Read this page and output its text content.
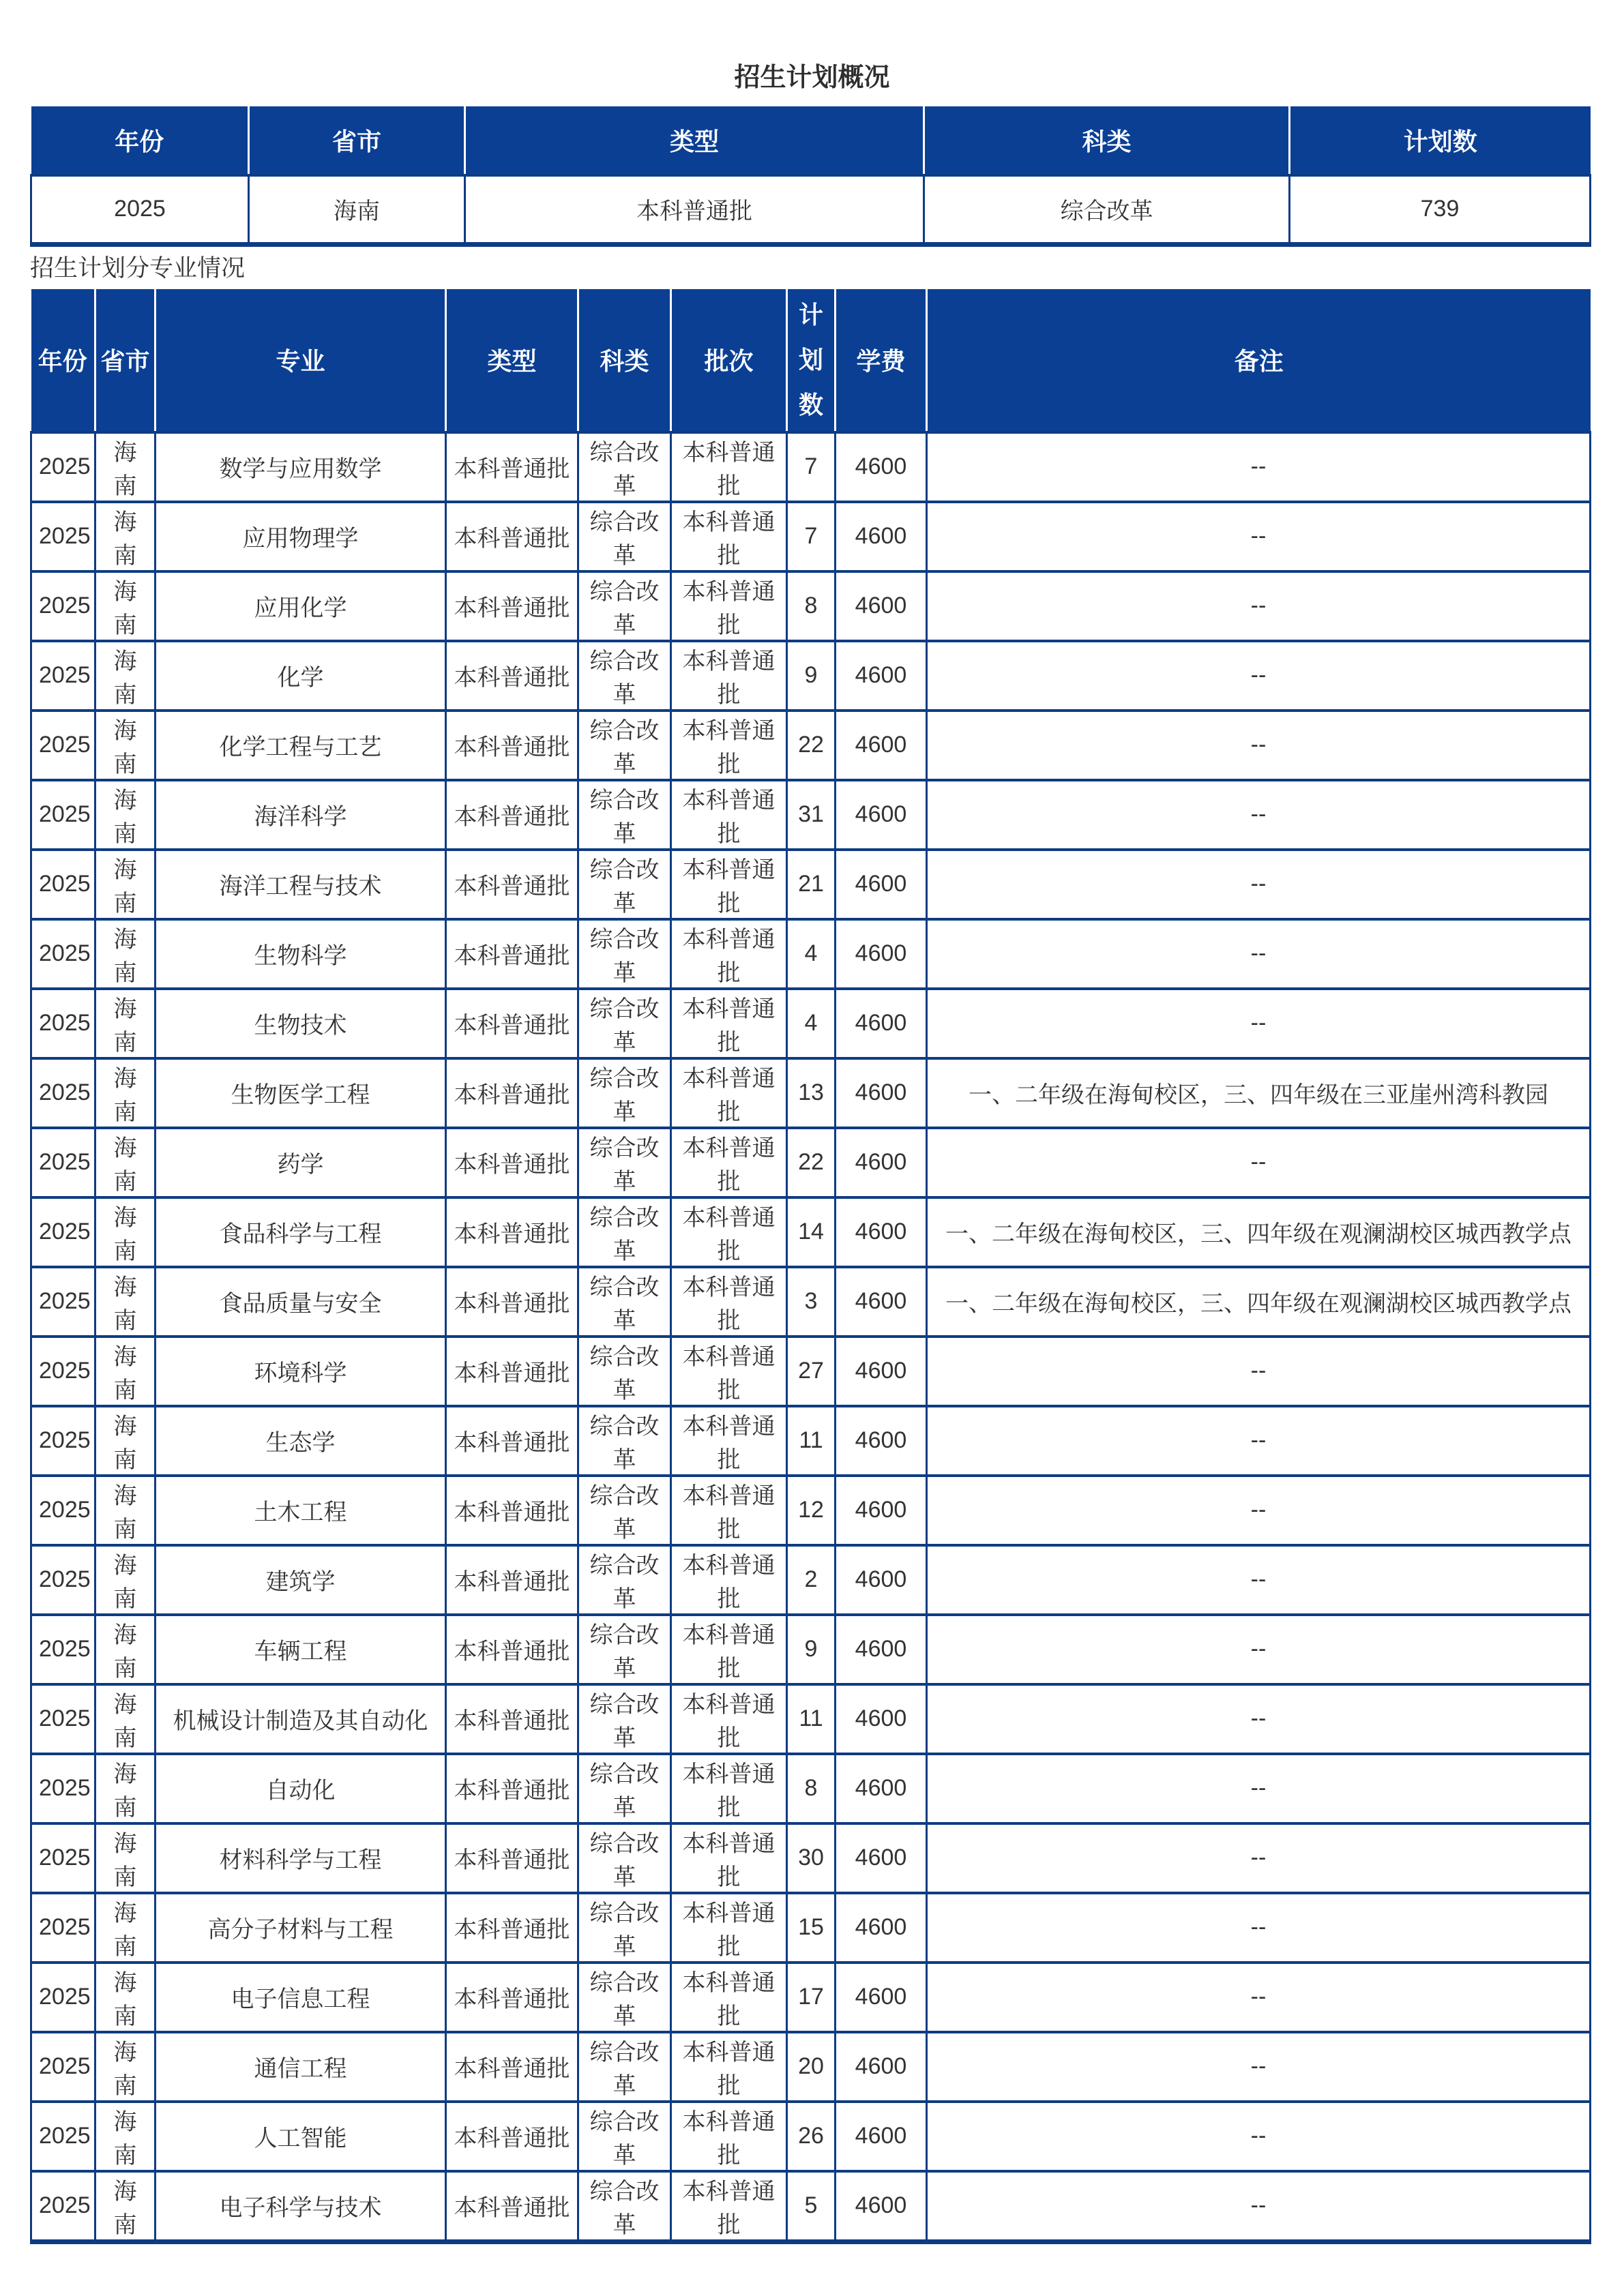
招生计划概况
年份	省市	类型	科类	计划数
2025	海南	本科普通批	综合改革	739
招生计划分专业情况
年份	省市	专业	类型	科类	批次	计划数	学费	备注
2025	海南	数学与应用数学	本科普通批	综合改革	本科普通批	7	4600	--
2025	海南	应用物理学	本科普通批	综合改革	本科普通批	7	4600	--
2025	海南	应用化学	本科普通批	综合改革	本科普通批	8	4600	--
2025	海南	化学	本科普通批	综合改革	本科普通批	9	4600	--
2025	海南	化学工程与工艺	本科普通批	综合改革	本科普通批	22	4600	--
2025	海南	海洋科学	本科普通批	综合改革	本科普通批	31	4600	--
2025	海南	海洋工程与技术	本科普通批	综合改革	本科普通批	21	4600	--
2025	海南	生物科学	本科普通批	综合改革	本科普通批	4	4600	--
2025	海南	生物技术	本科普通批	综合改革	本科普通批	4	4600	--
2025	海南	生物医学工程	本科普通批	综合改革	本科普通批	13	4600	一、二年级在海甸校区，三、四年级在三亚崖州湾科教园
2025	海南	药学	本科普通批	综合改革	本科普通批	22	4600	--
2025	海南	食品科学与工程	本科普通批	综合改革	本科普通批	14	4600	一、二年级在海甸校区，三、四年级在观澜湖校区城西教学点
2025	海南	食品质量与安全	本科普通批	综合改革	本科普通批	3	4600	一、二年级在海甸校区，三、四年级在观澜湖校区城西教学点
2025	海南	环境科学	本科普通批	综合改革	本科普通批	27	4600	--
2025	海南	生态学	本科普通批	综合改革	本科普通批	11	4600	--
2025	海南	土木工程	本科普通批	综合改革	本科普通批	12	4600	--
2025	海南	建筑学	本科普通批	综合改革	本科普通批	2	4600	--
2025	海南	车辆工程	本科普通批	综合改革	本科普通批	9	4600	--
2025	海南	机械设计制造及其自动化	本科普通批	综合改革	本科普通批	11	4600	--
2025	海南	自动化	本科普通批	综合改革	本科普通批	8	4600	--
2025	海南	材料科学与工程	本科普通批	综合改革	本科普通批	30	4600	--
2025	海南	高分子材料与工程	本科普通批	综合改革	本科普通批	15	4600	--
2025	海南	电子信息工程	本科普通批	综合改革	本科普通批	17	4600	--
2025	海南	通信工程	本科普通批	综合改革	本科普通批	20	4600	--
2025	海南	人工智能	本科普通批	综合改革	本科普通批	26	4600	--
2025	海南	电子科学与技术	本科普通批	综合改革	本科普通批	5	4600	--
